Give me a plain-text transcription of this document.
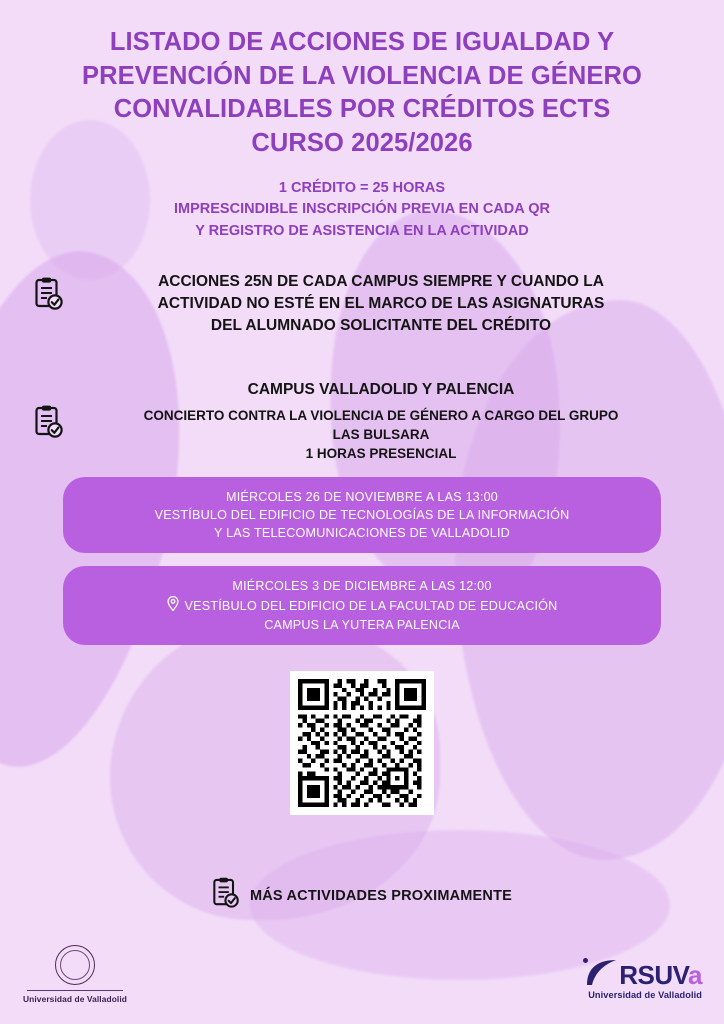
LISTADO DE ACCIONES DE IGUALDAD Y
PREVENCIÓN DE LA VIOLENCIA DE GÉNERO
CONVALIDABLES POR CRÉDITOS ECTS
CURSO 2025/2026
1 CRÉDITO = 25 HORAS
IMPRESCINDIBLE INSCRIPCIÓN PREVIA EN CADA QR
Y REGISTRO DE ASISTENCIA EN LA ACTIVIDAD
ACCIONES 25N DE CADA CAMPUS SIEMPRE Y CUANDO LA
ACTIVIDAD NO ESTÉ EN EL MARCO DE LAS ASIGNATURAS
DEL ALUMNADO SOLICITANTE DEL CRÉDITO
CAMPUS VALLADOLID Y PALENCIA
CONCIERTO CONTRA LA VIOLENCIA DE GÉNERO A CARGO DEL GRUPO
LAS BULSARA
1 HORAS PRESENCIAL
MIÉRCOLES 26 DE NOVIEMBRE A LAS 13:00
VESTÍBULO DEL EDIFICIO DE TECNOLOGÍAS DE LA INFORMACIÓN
Y LAS TELECOMUNICACIONES DE VALLADOLID
MIÉRCOLES 3 DE DICIEMBRE A LAS 12:00
VESTÍBULO DEL EDIFICIO DE LA FACULTAD DE EDUCACIÓN
CAMPUS LA YUTERA PALENCIA
MÁS ACTIVIDADES PROXIMAMENTE
Universidad de Valladolid
RSUVa
Universidad de Valladolid
